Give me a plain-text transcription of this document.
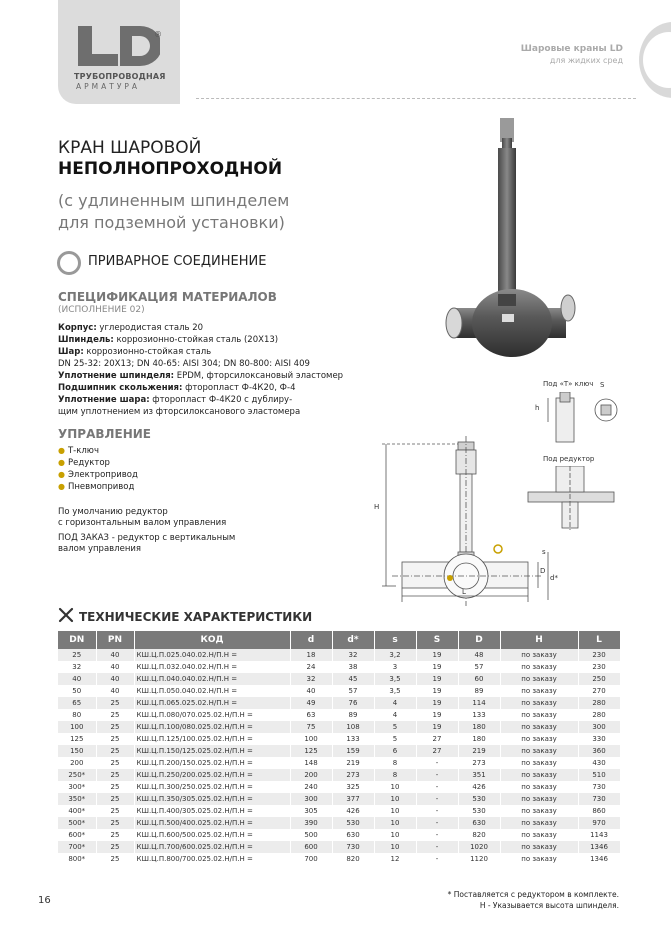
®
ТРУБОПРОВОДНАЯ
АРМАТУРА
Шаровые краны LD
для жидких сред
КРАН ШАРОВОЙ
НЕПОЛНОПРОХОДНОЙ
(с удлиненным шпинделем
для подземной установки)
ПРИВАРНОЕ СОЕДИНЕНИЕ
СПЕЦИФИКАЦИЯ МАТЕРИАЛОВ
(ИСПОЛНЕНИЕ 02)
Корпус: углеродистая сталь 20
Шпиндель: коррозионно-стойкая сталь (20Х13)
Шар: коррозионно-стойкая сталь
DN 25-32: 20Х13; DN 40-65: AISI 304; DN 80-800: AISI 409
Уплотнение шпинделя: EPDM, фторсилоксановый эластомер
Подшипник скольжения: фторопласт Ф-4К20, Ф-4
Уплотнение шара: фторопласт Ф-4К20 с дублиру-
щим уплотнением из фторсилоксанового эластомера
УПРАВЛЕНИЕ
● Т-ключ
● Редуктор
● Электропривод
● Пневмопривод
По умолчанию редуктор
с горизонтальным валом управления
ПОД ЗАКАЗ - редуктор с вертикальным
валом управления
H
L
D
d*
s
Под «Т» ключ S
h
Под редуктор
ТЕХНИЧЕСКИЕ ХАРАКТЕРИСТИКИ
DN	PN	КОД	d	d*	s	S	D	H	L
25	40	КШ.Ц.П.025.040.02.Н/П.Н =	18	32	3,2	19	48	по заказу	230
32	40	КШ.Ц.П.032.040.02.Н/П.Н =	24	38	3	19	57	по заказу	230
40	40	КШ.Ц.П.040.040.02.Н/П.Н =	32	45	3,5	19	60	по заказу	250
50	40	КШ.Ц.П.050.040.02.Н/П.Н =	40	57	3,5	19	89	по заказу	270
65	25	КШ.Ц.П.065.025.02.Н/П.Н =	49	76	4	19	114	по заказу	280
80	25	КШ.Ц.П.080/070.025.02.Н/П.Н =	63	89	4	19	133	по заказу	280
100	25	КШ.Ц.П.100/080.025.02.Н/П.Н =	75	108	5	19	180	по заказу	300
125	25	КШ.Ц.П.125/100.025.02.Н/П.Н =	100	133	5	27	180	по заказу	330
150	25	КШ.Ц.П.150/125.025.02.Н/П.Н =	125	159	6	27	219	по заказу	360
200	25	КШ.Ц.П.200/150.025.02.Н/П.Н =	148	219	8	-	273	по заказу	430
250*	25	КШ.Ц.П.250/200.025.02.Н/П.Н =	200	273	8	-	351	по заказу	510
300*	25	КШ.Ц.П.300/250.025.02.Н/П.Н =	240	325	10	-	426	по заказу	730
350*	25	КШ.Ц.П.350/305.025.02.Н/П.Н =	300	377	10	-	530	по заказу	730
400*	25	КШ.Ц.П.400/305.025.02.Н/П.Н =	305	426	10	-	530	по заказу	860
500*	25	КШ.Ц.П.500/400.025.02.Н/П.Н =	390	530	10	-	630	по заказу	970
600*	25	КШ.Ц.П.600/500.025.02.Н/П.Н =	500	630	10	-	820	по заказу	1143
700*	25	КШ.Ц.П.700/600.025.02.Н/П.Н =	600	730	10	-	1020	по заказу	1346
800*	25	КШ.Ц.П.800/700.025.02.Н/П.Н =	700	820	12	-	1120	по заказу	1346
* Поставляется с редуктором в комплекте.
Н - Указывается высота шпинделя.
16
